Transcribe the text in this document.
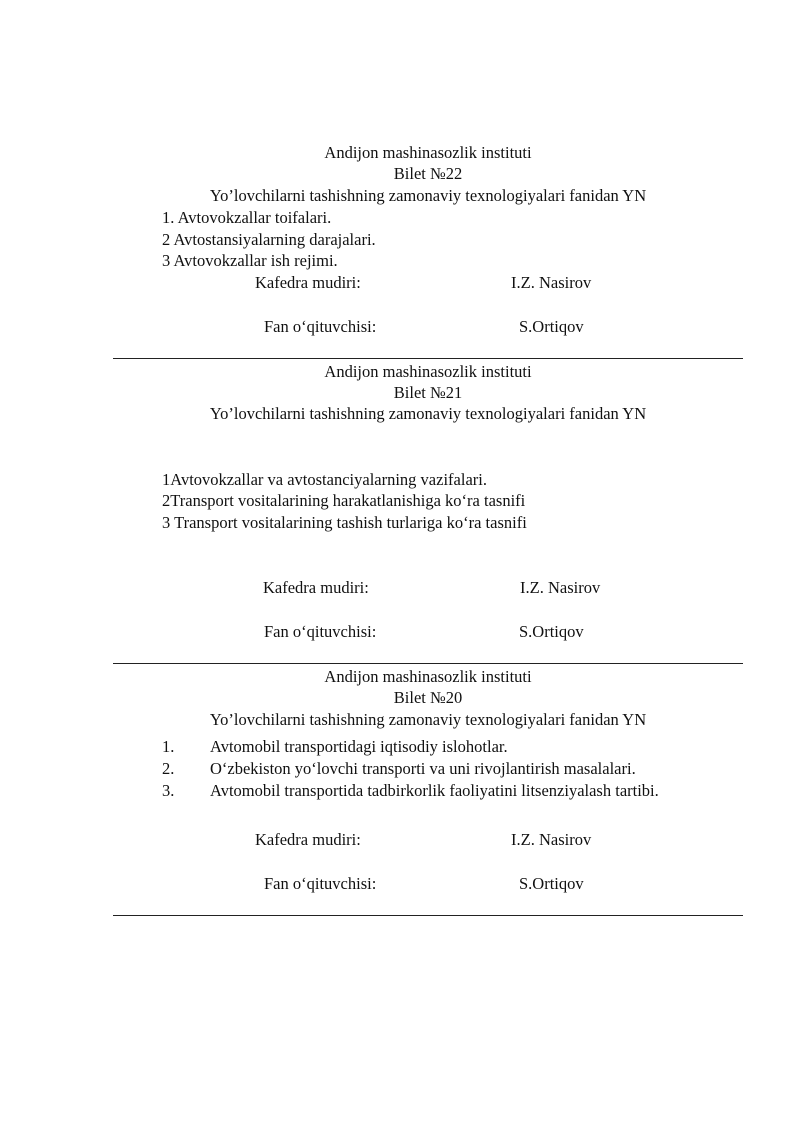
Andijon mashinasozlik instituti
Bilet №22
Yo’lovchilarni tashishning zamonaviy texnologiyalari fanidan YN
1. Avtovokzallar toifalari.
2 Avtostansiyalarning darajalari.
3 Avtovokzallar ish rejimi.
Kafedra mudiri:	I.Z. Nasirov
Fan o‘qituvchisi:	S.Ortiqov
Andijon mashinasozlik instituti
Bilet №21
Yo’lovchilarni tashishning zamonaviy texnologiyalari fanidan YN
1Avtovokzallar va avtostanciyalarning vazifalari.
2Transport vositalarining harakatlanishiga ko‘ra tasnifi
3 Transport vositalarining tashish turlariga ko‘ra tasnifi
Kafedra mudiri:	I.Z. Nasirov
Fan o‘qituvchisi:	S.Ortiqov
Andijon mashinasozlik instituti
Bilet №20
Yo’lovchilarni tashishning zamonaviy texnologiyalari fanidan YN
1. Avtomobil transportidagi iqtisodiy islohotlar.
2. O‘zbekiston yo‘lovchi transporti va uni rivojlantirish masalalari.
3. Avtomobil transportida tadbirkorlik faoliyatini litsenziyalash tartibi.
Kafedra mudiri:	I.Z. Nasirov
Fan o‘qituvchisi:	S.Ortiqov
